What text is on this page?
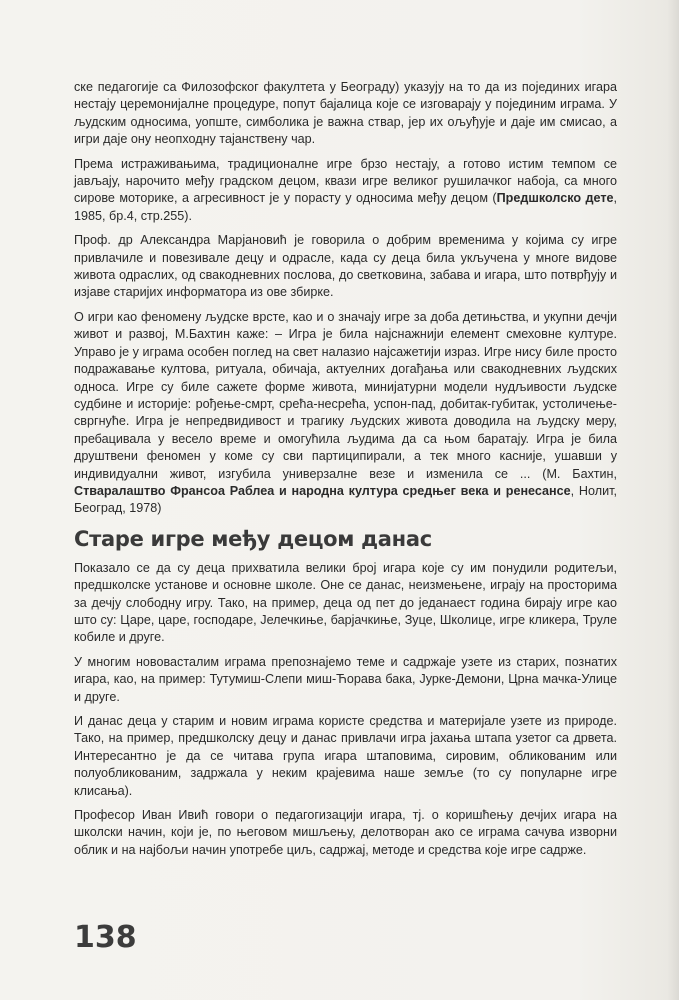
ске педагогије са Филозофског факултета у Београду) указују на то да из појединих игара нестају церемонијалне процедуре, попут бајалица које се изговарају у појединим играма. У људским односима, уопште, симболика је важна ствар, јер их ољуђује и даје им смисао, а игри даје ону неопходну тајанствену чар.

Према истраживањима, традиционалне игре брзо нестају, а готово истим темпом се јављају, нарочито међу градском децом, квази игре великог рушилачког набоја, са много сирове моторике, а агресивност је у порасту у односима међу децом (Предшколско дете, 1985, бр.4, стр.255).

Проф. др Александра Марјановић је говорила о добрим временима у којима су игре привлачиле и повезивале децу и одрасле, када су деца била укључена у многе видове живота одраслих, од свакодневних послова, до светковина, забава и игара, што потврђују и изјаве старијих информатора из ове збирке.

О игри као феномену људске врсте, као и о значају игре за доба детињства, и укупни дечји живот и развој, М.Бахтин каже: – Игра је била најснажнији елемент смеховне културе. Управо је у играма особен поглед на свет налазио најсажетији израз. Игре нису биле просто подражавање култова, ритуала, обичаја, актуелних догађања или свакодневних људских односа. Игре су биле сажете форме живота, минијатурни модели нудљивости људске судбине и историје: рођење-смрт, срећа-несрећа, успон-пад, добитак-губитак, устоличење-свргнуће. Игра је непредвидивост и трагику људских живота доводила на људску меру, пребацивала у весело време и омогућила људима да са њом баратају. Игра је била друштвени феномен у коме су сви партиципирали, а тек много касније, ушавши у индивидуални живот, изгубила универзалне везе и изменила се ... (М. Бахтин, Стваралаштво Франсоа Раблеа и народна култура средњег века и ренесансе, Нолит, Београд, 1978)

Старе игре међу децом данас

Показало се да су деца прихватила велики број игара које су им понудили родитељи, предшколске установе и основне школе. Оне се данас, неизмењене, играју на просторима за дечју слободну игру. Тако, на пример, деца од пет до једанаест година бирају игре као што су: Царе, царе, господаре, Јелечкиње, барјачкиње, Зуце, Школице, игре кликера, Труле кобиле и друге.

У многим нововасталим играма препознајемо теме и садржаје узете из старих, познатих игара, као, на пример: Тутумиш-Слепи миш-Ћорава бака, Јурке-Демони, Црна мачка-Улице и друге.

И данас деца у старим и новим играма користе средства и материјале узете из природе. Тако, на пример, предшколску децу и данас привлачи игра јахања штапа узетог са дрвета. Интересантно је да се читава група игара штаповима, сировим, обликованим или полуобликованим, задржала у неким крајевима наше земље (то су популарне игре клисања).

Професор Иван Ивић говори о педагогизацији игара, тј. о коришћењу дечјих игара на школски начин, који је, по његовом мишљењу, делотворан ако се играма сачува изворни облик и на најбољи начин употребе циљ, садржај, методе и средства које игре садрже.

138
